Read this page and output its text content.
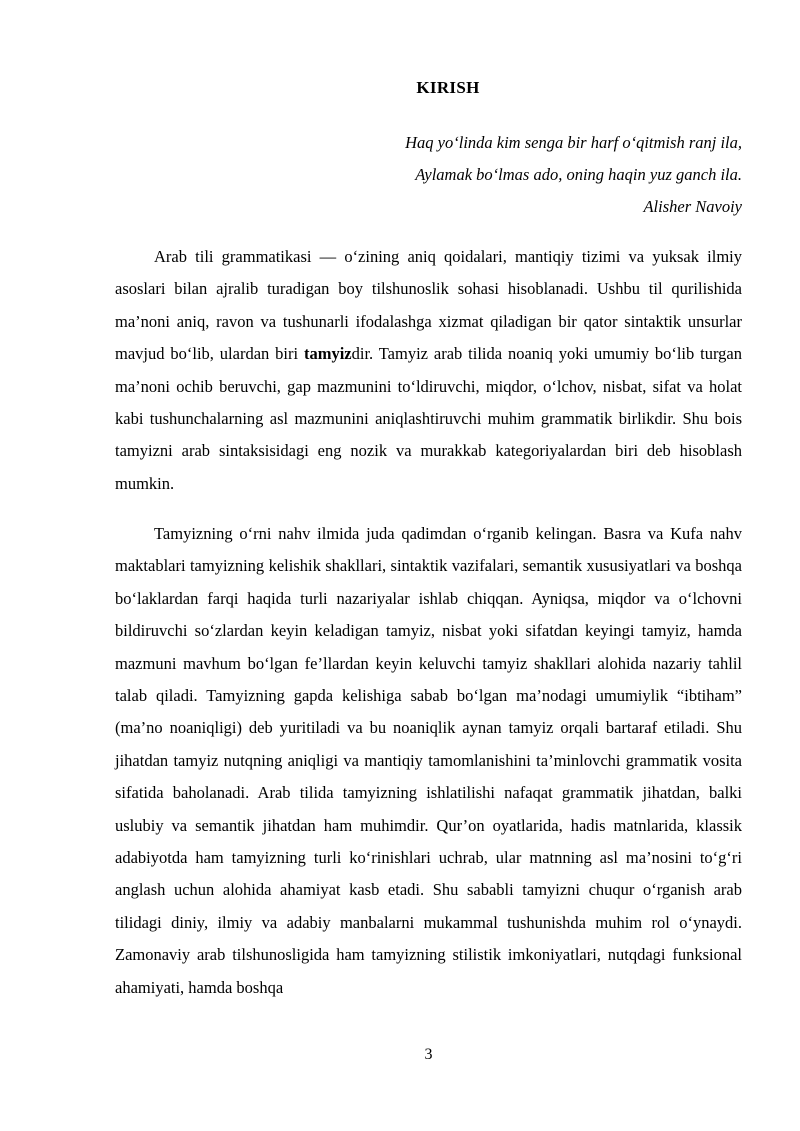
KIRISH
Haq yo‘linda kim senga bir harf o‘qitmish ranj ila,
Aylamak bo‘lmas ado, oning haqin yuz ganch ila.
Alisher Navoiy

Arab tili grammatikasi — o‘zining aniq qoidalari, mantiqiy tizimi va yuksak ilmiy asoslari bilan ajralib turadigan boy tilshunoslik sohasi hisoblanadi. Ushbu til qurilishida ma’noni aniq, ravon va tushunarli ifodalashga xizmat qiladigan bir qator sintaktik unsurlar mavjud bo‘lib, ulardan biri tamyizdir. Tamyiz arab tilida noaniq yoki umumiy bo‘lib turgan ma’noni ochib beruvchi, gap mazmunini to‘ldiruvchi, miqdor, o‘lchov, nisbat, sifat va holat kabi tushunchalarning asl mazmunini aniqlashtiruvchi muhim grammatik birlikdir. Shu bois tamyizni arab sintaksisidagi eng nozik va murakkab kategoriyalardan biri deb hisoblash mumkin.

Tamyizning o‘rni nahv ilmida juda qadimdan o‘rganib kelingan. Basra va Kufa nahv maktablari tamyizning kelishik shakllari, sintaktik vazifalari, semantik xususiyatlari va boshqa bo‘laklardan farqi haqida turli nazariyalar ishlab chiqqan. Ayniqsa, miqdor va o‘lchovni bildiruvchi so‘zlardan keyin keladigan tamyiz, nisbat yoki sifatdan keyingi tamyiz, hamda mazmuni mavhum bo‘lgan fe’llardan keyin keluvchi tamyiz shakllari alohida nazariy tahlil talab qiladi. Tamyizning gapda kelishiga sabab bo‘lgan ma’nodagi umumiylik “ibtiham” (ma’no noaniqligi) deb yuritiladi va bu noaniqlik aynan tamyiz orqali bartaraf etiladi. Shu jihatdan tamyiz nutqning aniqligi va mantiqiy tamomlanishini ta’minlovchi grammatik vosita sifatida baholanadi. Arab tilida tamyizning ishlatilishi nafaqat grammatik jihatdan, balki uslubiy va semantik jihatdan ham muhimdir. Qur’on oyatlarida, hadis matnlarida, klassik adabiyotda ham tamyizning turli ko‘rinishlari uchrab, ular matnning asl ma’nosini to‘g‘ri anglash uchun alohida ahamiyat kasb etadi. Shu sababli tamyizni chuqur o‘rganish arab tilidagi diniy, ilmiy va adabiy manbalarni mukammal tushunishda muhim rol o‘ynaydi. Zamonaviy arab tilshunosligida ham tamyizning stilistik imkoniyatlari, nutqdagi funksional ahamiyati, hamda boshqa

3
